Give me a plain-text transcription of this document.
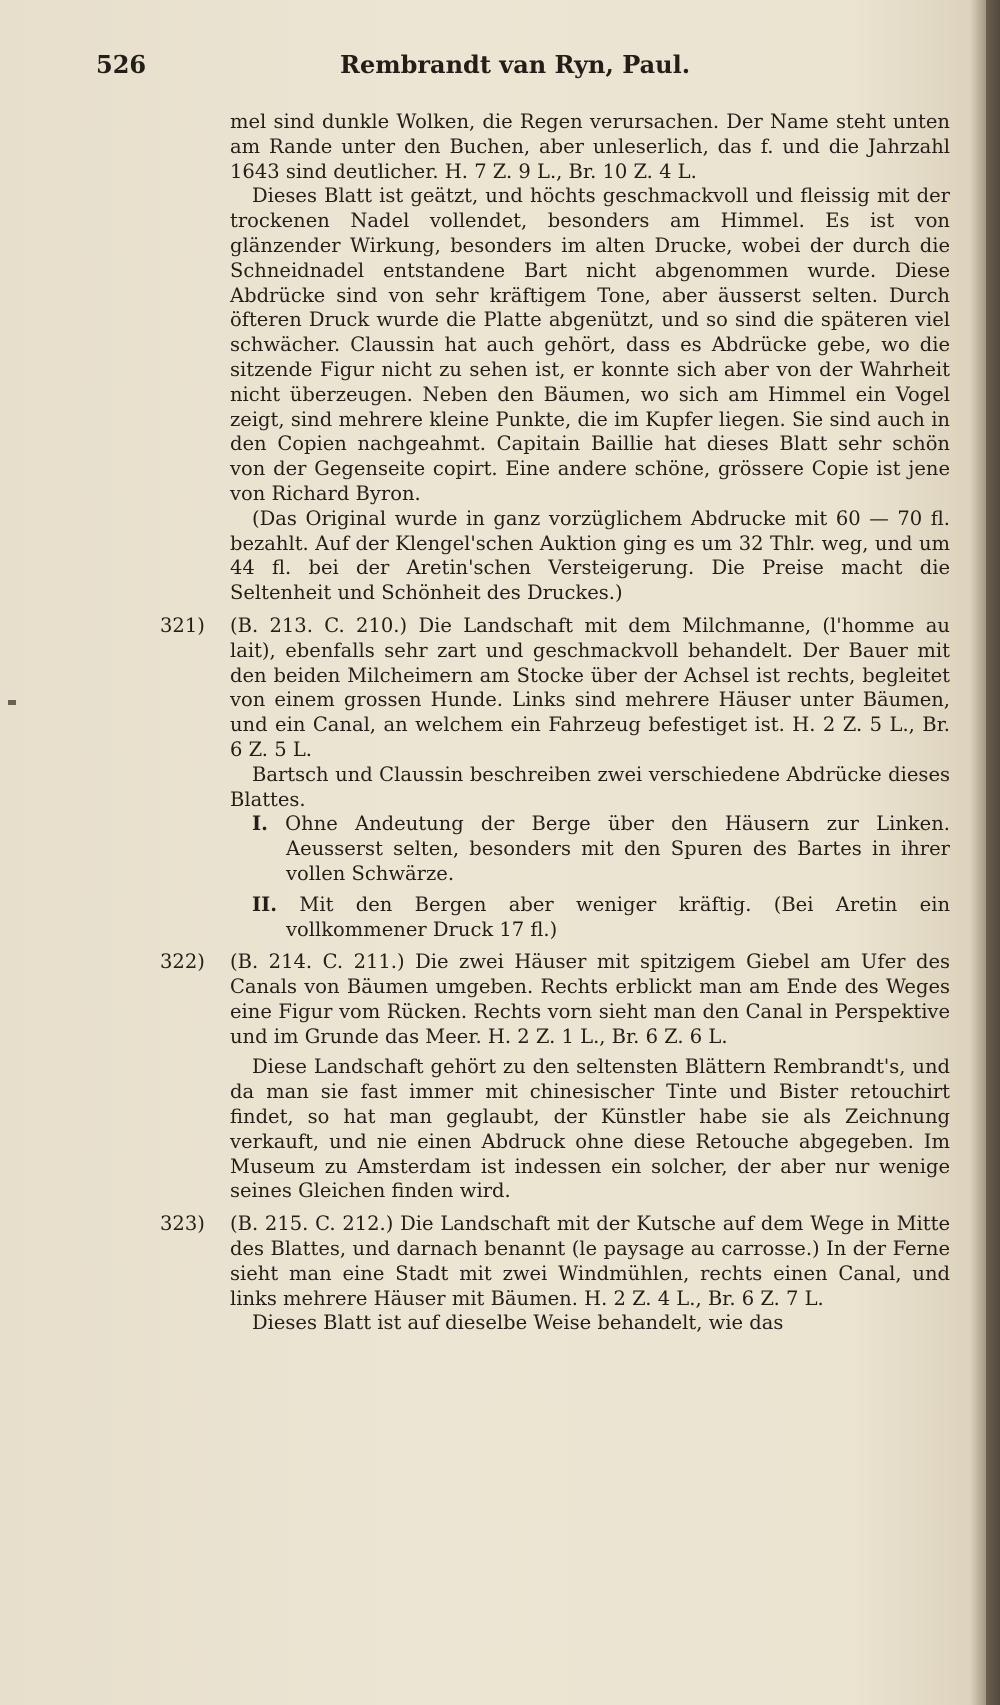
526	Rembrandt van Ryn, Paul.

mel sind dunkle Wolken, die Regen verursachen. Der Name steht unten am Rande unter den Buchen, aber unleserlich, das f. und die Jahrzahl 1643 sind deutlicher. H. 7 Z. 9 L., Br. 10 Z. 4 L.

Dieses Blatt ist geätzt, und höchts geschmackvoll und fleissig mit der trockenen Nadel vollendet, besonders am Himmel. Es ist von glänzender Wirkung, besonders im alten Drucke, wobei der durch die Schneidnadel entstandene Bart nicht abgenommen wurde. Diese Abdrücke sind von sehr kräftigem Tone, aber äusserst selten. Durch öfteren Druck wurde die Platte abgenützt, und so sind die späteren viel schwächer. Claussin hat auch gehört, dass es Abdrücke gebe, wo die sitzende Figur nicht zu sehen ist, er konnte sich aber von der Wahrheit nicht überzeugen. Neben den Bäumen, wo sich am Himmel ein Vogel zeigt, sind mehrere kleine Punkte, die im Kupfer liegen. Sie sind auch in den Copien nachgeahmt. Capitain Baillie hat dieses Blatt sehr schön von der Gegenseite copirt. Eine andere schöne, grössere Copie ist jene von Richard Byron.

(Das Original wurde in ganz vorzüglichem Abdrucke mit 60 — 70 fl. bezahlt. Auf der Klengel'schen Auktion ging es um 32 Thlr. weg, und um 44 fl. bei der Aretin'schen Versteigerung. Die Preise macht die Seltenheit und Schönheit des Druckes.)

321) (B. 213. C. 210.) Die Landschaft mit dem Milchmanne, (l'homme au lait), ebenfalls sehr zart und geschmackvoll behandelt. Der Bauer mit den beiden Milcheimern am Stocke über der Achsel ist rechts, begleitet von einem grossen Hunde. Links sind mehrere Häuser unter Bäumen, und ein Canal, an welchem ein Fahrzeug befestiget ist. H. 2 Z. 5 L., Br. 6 Z. 5 L.

Bartsch und Claussin beschreiben zwei verschiedene Abdrücke dieses Blattes.

I. Ohne Andeutung der Berge über den Häusern zur Linken. Aeusserst selten, besonders mit den Spuren des Bartes in ihrer vollen Schwärze.

II. Mit den Bergen aber weniger kräftig. (Bei Aretin ein vollkommener Druck 17 fl.)

322) (B. 214. C. 211.) Die zwei Häuser mit spitzigem Giebel am Ufer des Canals von Bäumen umgeben. Rechts erblickt man am Ende des Weges eine Figur vom Rücken. Rechts vorn sieht man den Canal in Perspektive und im Grunde das Meer. H. 2 Z. 1 L., Br. 6 Z. 6 L.

Diese Landschaft gehört zu den seltensten Blättern Rembrandt's, und da man sie fast immer mit chinesischer Tinte und Bister retouchirt findet, so hat man geglaubt, der Künstler habe sie als Zeichnung verkauft, und nie einen Abdruck ohne diese Retouche abgegeben. Im Museum zu Amsterdam ist indessen ein solcher, der aber nur wenige seines Gleichen finden wird.

323) (B. 215. C. 212.) Die Landschaft mit der Kutsche auf dem Wege in Mitte des Blattes, und darnach benannt (le paysage au carrosse.) In der Ferne sieht man eine Stadt mit zwei Windmühlen, rechts einen Canal, und links mehrere Häuser mit Bäumen. H. 2 Z. 4 L., Br. 6 Z. 7 L.

Dieses Blatt ist auf dieselbe Weise behandelt, wie das
